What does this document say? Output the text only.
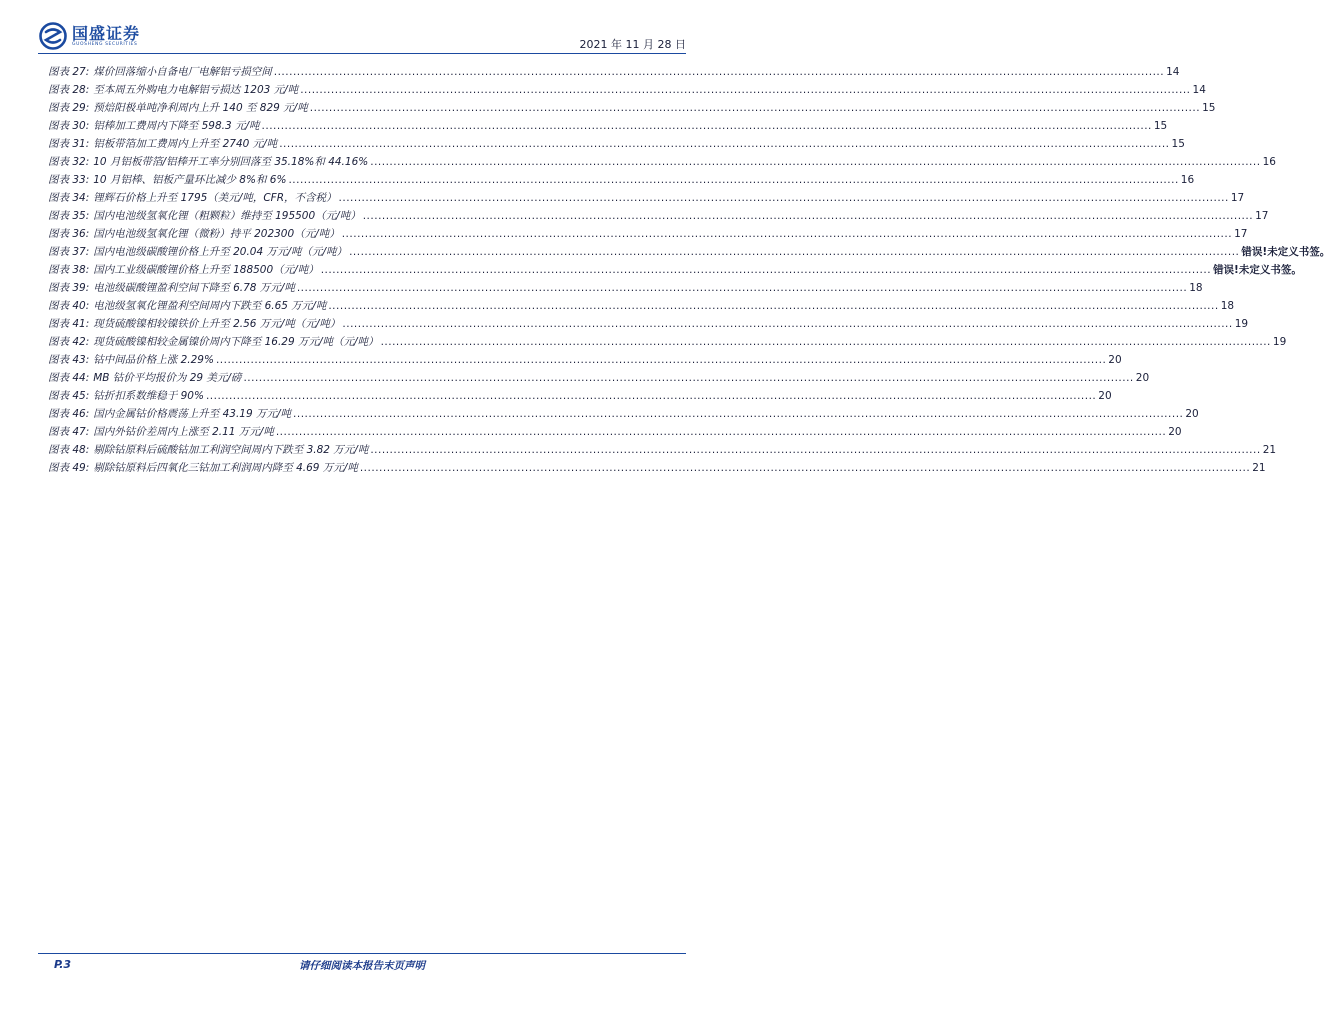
国盛证券
GUOSHENG SECURITIES	2021 年 11 月 28 日
图表 27: 煤价回落缩小自备电厂电解铝亏损空间 .....	14
图表 28: 至本周五外购电力电解铝亏损达 1203 元/吨 .....	14
图表 29: 预焙阳极单吨净利周内上升 140 至 829 元/吨 .....	15
图表 30: 铝棒加工费周内下降至 598.3 元/吨 .....	15
图表 31: 铝板带箔加工费周内上升至 2740 元/吨 .....	15
图表 32: 10 月铝板带箔/铝棒开工率分别回落至 35.18%和 44.16% .....	16
图表 33: 10 月铝棒、铝板产量环比减少 8%和 6% .....	16
图表 34: 锂辉石价格上升至 1795（美元/吨，CFR，不含税） .....	17
图表 35: 国内电池级氢氧化锂（粗颗粒）维持至 195500（元/吨） .....	17
图表 36: 国内电池级氢氧化锂（微粉）持平 202300（元/吨） .....	17
图表 37: 国内电池级碳酸锂价格上升至 20.04 万元/吨（元/吨） .....	错误!未定义书签。
图表 38: 国内工业级碳酸锂价格上升至 188500（元/吨） .....	错误!未定义书签。
图表 39: 电池级碳酸锂盈利空间下降至 6.78 万元/吨 .....	18
图表 40: 电池级氢氧化锂盈利空间周内下跌至 6.65 万元/吨 .....	18
图表 41: 现货硫酸镍相较镍铁价上升至 2.56 万元/吨（元/吨） .....	19
图表 42: 现货硫酸镍相较金属镍价周内下降至 16.29 万元/吨（元/吨） .....	19
图表 43: 钴中间品价格上涨 2.29% .....	20
图表 44: MB 钴价平均报价为 29 美元/磅 .....	20
图表 45: 钴折扣系数维稳于 90% .....	20
图表 46: 国内金属钴价格震荡上升至 43.19 万元/吨 .....	20
图表 47: 国内外钴价差周内上涨至 2.11 万元/吨 .....	20
图表 48: 剔除钴原料后硫酸钴加工利润空间周内下跌至 3.82 万元/吨 .....	21
图表 49: 剔除钴原料后四氧化三钴加工利润周内降至 4.69 万元/吨 .....	21
P.3	请仔细阅读本报告末页声明
